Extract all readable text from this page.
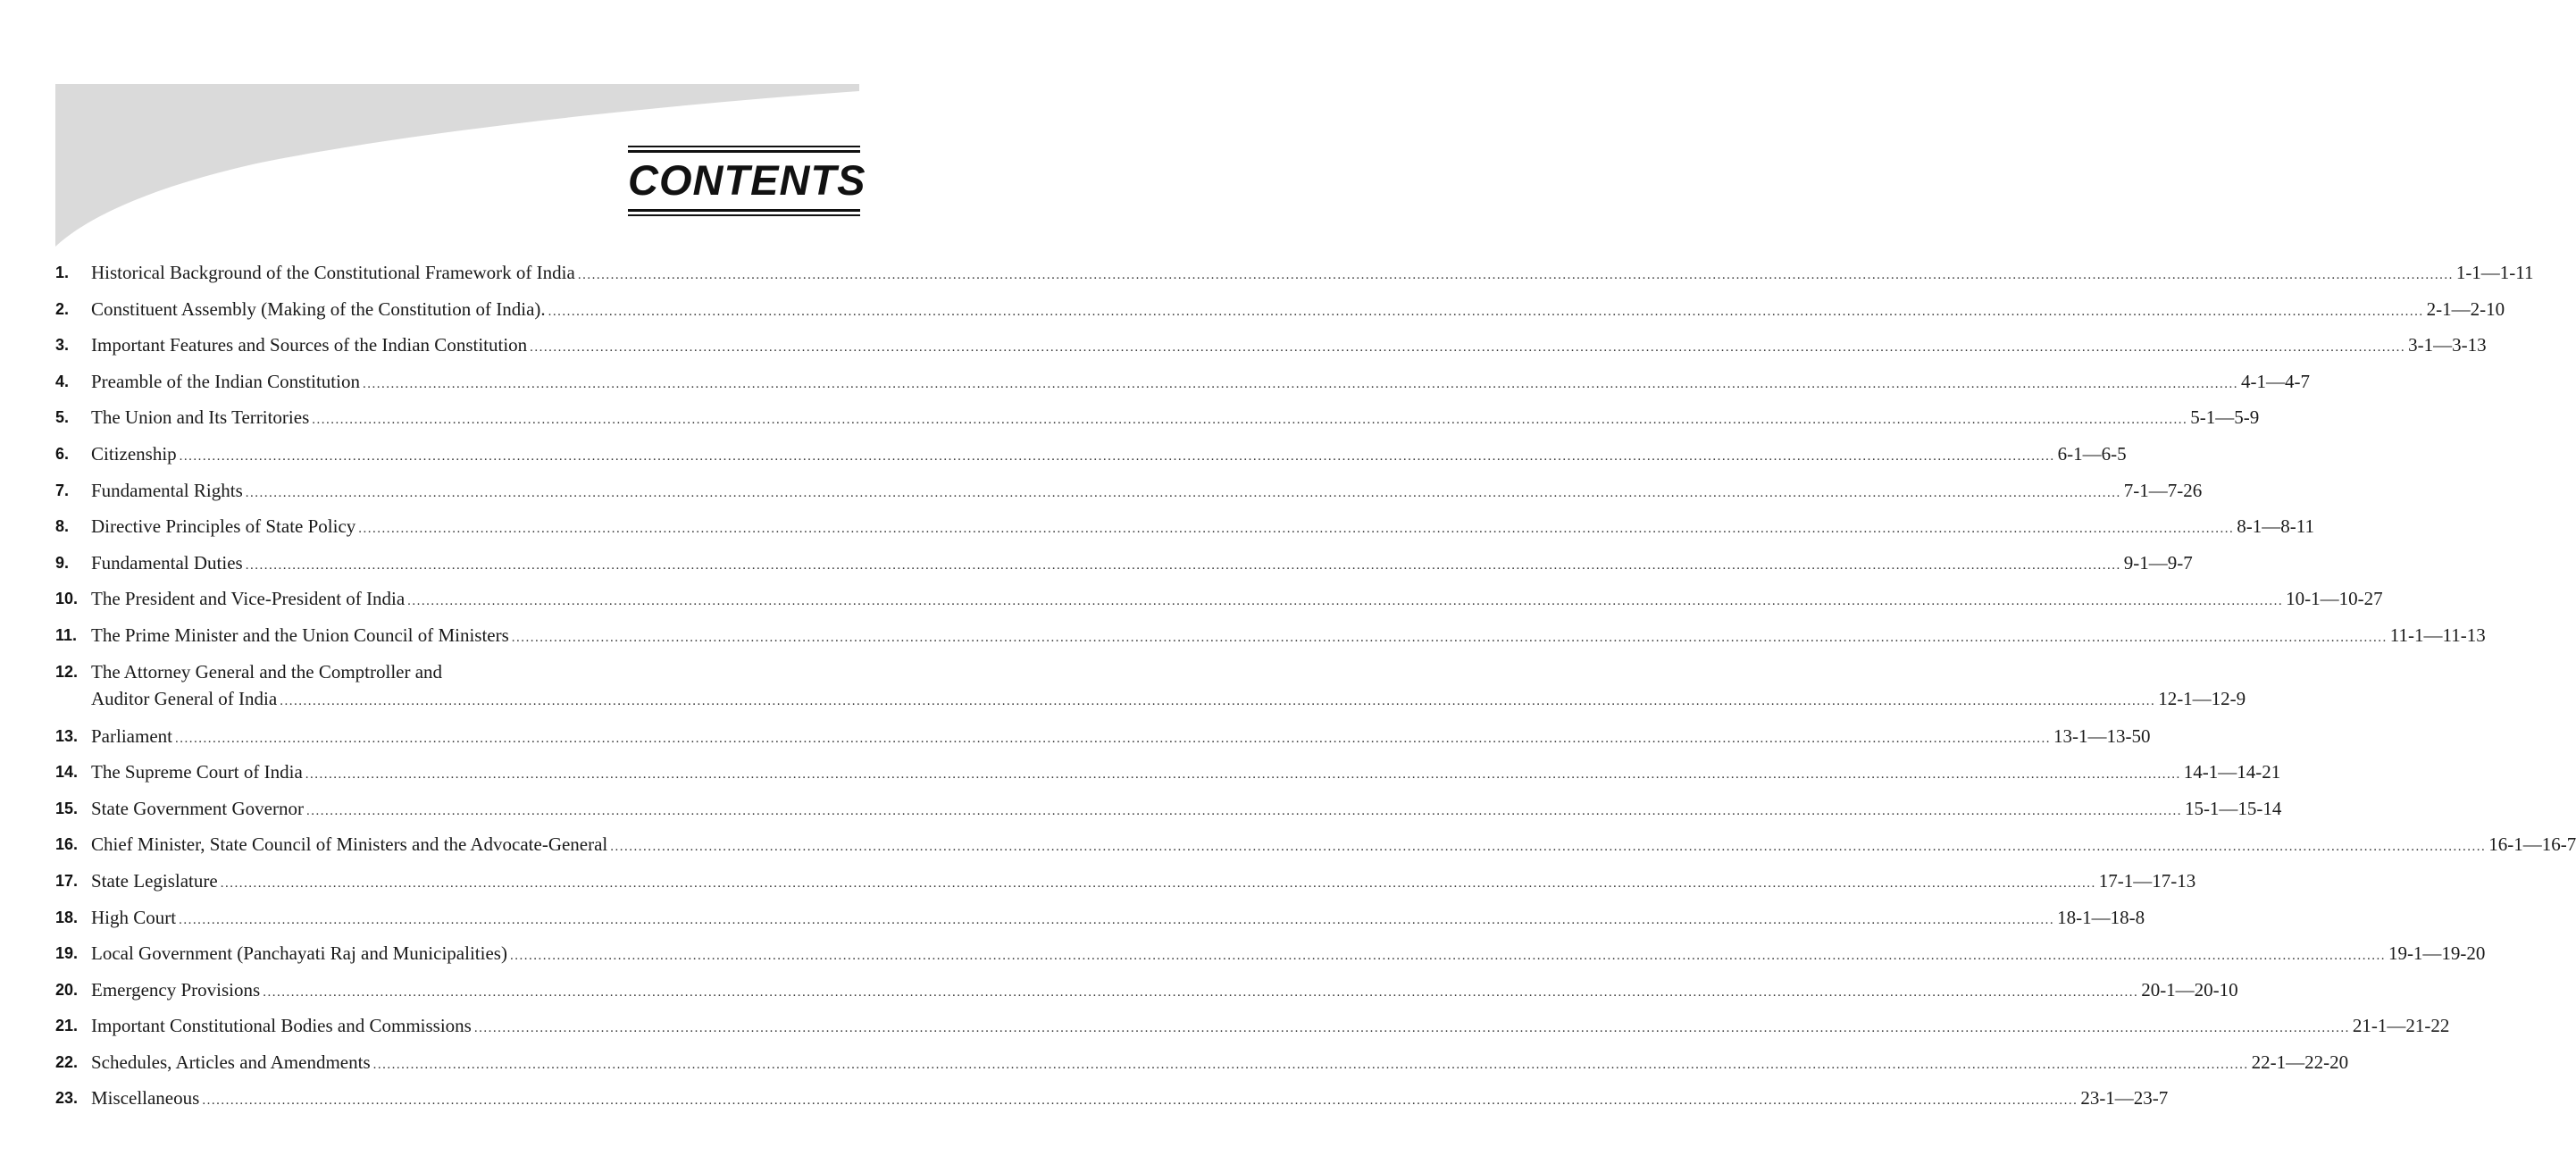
CONTENTS
1.	Historical Background of the Constitutional Framework of India ................................................................................................................................................................................................................................................................................................................................................................................................................ 1-1—1-11
2.	Constituent Assembly (Making of the Constitution of India). ................................................................................................................................................................................................................................................................................................................................................................................................................ 2-1—2-10
3.	Important Features and Sources of the Indian Constitution ................................................................................................................................................................................................................................................................................................................................................................................................................ 3-1—3-13
4.	Preamble of the Indian Constitution ................................................................................................................................................................................................................................................................................................................................................................................................................ 4-1—4-7
5.	The Union and Its Territories ................................................................................................................................................................................................................................................................................................................................................................................................................ 5-1—5-9
6.	Citizenship ................................................................................................................................................................................................................................................................................................................................................................................................................ 6-1—6-5
7.	Fundamental Rights ................................................................................................................................................................................................................................................................................................................................................................................................................ 7-1—7-26
8.	Directive Principles of State Policy ................................................................................................................................................................................................................................................................................................................................................................................................................ 8-1—8-11
9.	Fundamental Duties ................................................................................................................................................................................................................................................................................................................................................................................................................ 9-1—9-7
10. The President and Vice-President of India ................................................................................................................................................................................................................................................................................................................................................................................................................ 10-1—10-27
11. The Prime Minister and the Union Council of Ministers ................................................................................................................................................................................................................................................................................................................................................................................................................ 11-1—11-13
12. The Attorney General and the Comptroller and
Auditor General of India ................................................................................................................................................................................................................................................................................................................................................................................................................ 12-1—12-9
13. Parliament ................................................................................................................................................................................................................................................................................................................................................................................................................ 13-1—13-50
14. The Supreme Court of India ................................................................................................................................................................................................................................................................................................................................................................................................................ 14-1—14-21
15. State Government Governor ................................................................................................................................................................................................................................................................................................................................................................................................................ 15-1—15-14
16. Chief Minister, State Council of Ministers and the Advocate-General ................................................................................................................................................................................................................................................................................................................................................................................................................ 16-1—16-7
17. State Legislature ................................................................................................................................................................................................................................................................................................................................................................................................................ 17-1—17-13
18. High Court ................................................................................................................................................................................................................................................................................................................................................................................................................ 18-1—18-8
19. Local Government (Panchayati Raj and Municipalities) ................................................................................................................................................................................................................................................................................................................................................................................................................ 19-1—19-20
20. Emergency Provisions ................................................................................................................................................................................................................................................................................................................................................................................................................ 20-1—20-10
21. Important Constitutional Bodies and Commissions ................................................................................................................................................................................................................................................................................................................................................................................................................ 21-1—21-22
22. Schedules, Articles and Amendments ................................................................................................................................................................................................................................................................................................................................................................................................................ 22-1—22-20
23. Miscellaneous ................................................................................................................................................................................................................................................................................................................................................................................................................ 23-1—23-7
